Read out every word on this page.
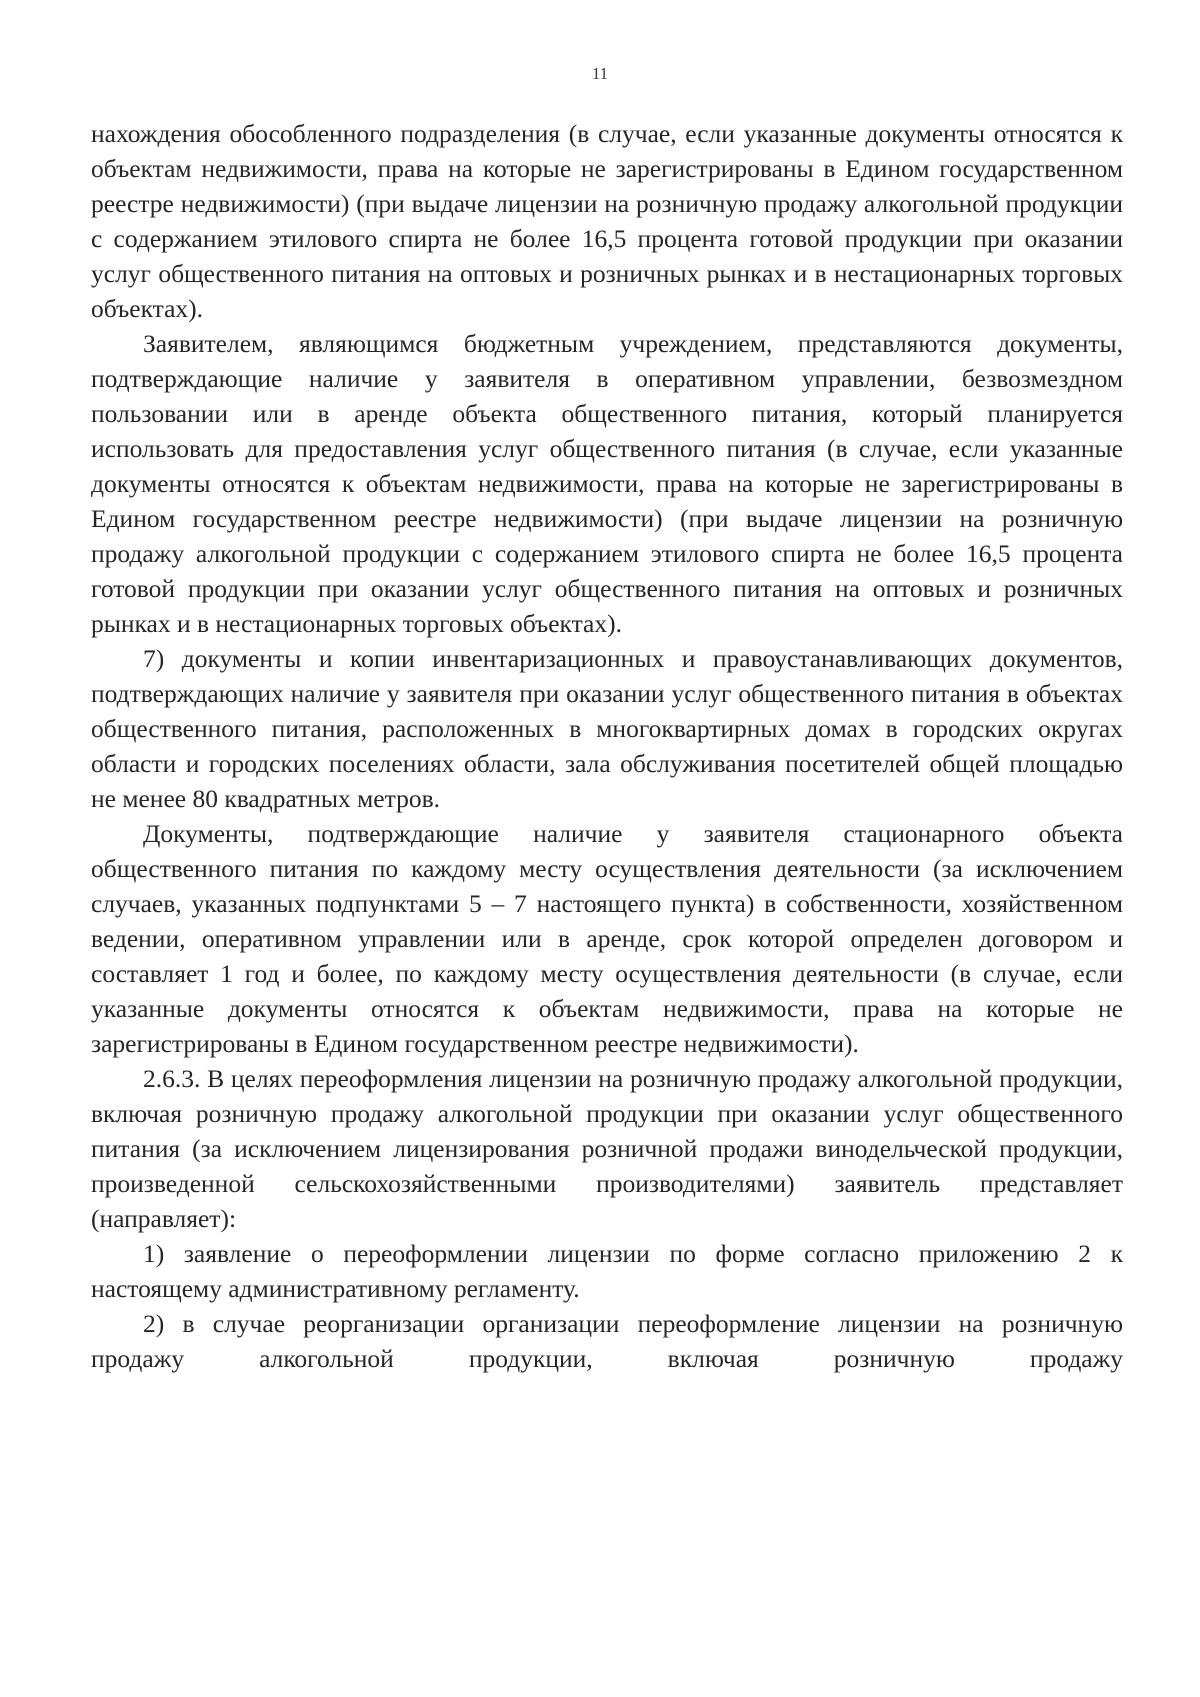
11

нахождения обособленного подразделения (в случае, если указанные документы относятся к объектам недвижимости, права на которые не зарегистрированы в Едином государственном реестре недвижимости) (при выдаче лицензии на розничную продажу алкогольной продукции с содержанием этилового спирта не более 16,5 процента готовой продукции при оказании услуг общественного питания на оптовых и розничных рынках и в нестационарных торговых объектах).

Заявителем, являющимся бюджетным учреждением, представляются документы, подтверждающие наличие у заявителя в оперативном управлении, безвозмездном пользовании или в аренде объекта общественного питания, который планируется использовать для предоставления услуг общественного питания (в случае, если указанные документы относятся к объектам недвижимости, права на которые не зарегистрированы в Едином государственном реестре недвижимости) (при выдаче лицензии на розничную продажу алкогольной продукции с содержанием этилового спирта не более 16,5 процента готовой продукции при оказании услуг общественного питания на оптовых и розничных рынках и в нестационарных торговых объектах).

7) документы и копии инвентаризационных и правоустанавливающих документов, подтверждающих наличие у заявителя при оказании услуг общественного питания в объектах общественного питания, расположенных в многоквартирных домах в городских округах области и городских поселениях области, зала обслуживания посетителей общей площадью не менее 80 квадратных метров.

Документы, подтверждающие наличие у заявителя стационарного объекта общественного питания по каждому месту осуществления деятельности (за исключением случаев, указанных подпунктами 5 – 7 настоящего пункта) в собственности, хозяйственном ведении, оперативном управлении или в аренде, срок которой определен договором и составляет 1 год и более, по каждому месту осуществления деятельности (в случае, если указанные документы относятся к объектам недвижимости, права на которые не зарегистрированы в Едином государственном реестре недвижимости).

2.6.3. В целях переоформления лицензии на розничную продажу алкогольной продукции, включая розничную продажу алкогольной продукции при оказании услуг общественного питания (за исключением лицензирования розничной продажи винодельческой продукции, произведенной сельскохозяйственными производителями) заявитель представляет (направляет):

1) заявление о переоформлении лицензии по форме согласно приложению 2 к настоящему административному регламенту.

2) в случае реорганизации организации переоформление лицензии на розничную продажу алкогольной продукции, включая розничную продажу
